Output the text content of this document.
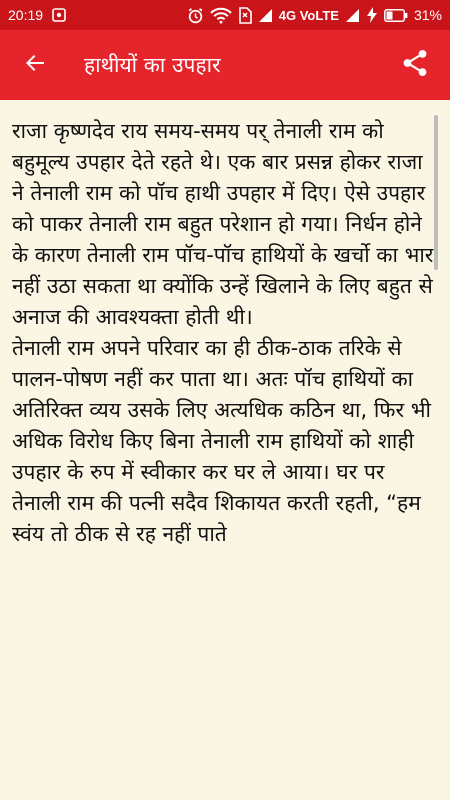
20:19	4G VoLTE	31%
हाथीयों का उपहार

राजा कृष्णदेव राय समय-समय पर् तेनाली राम को बहुमूल्य उपहार देते रहते थे। एक बार प्रसन्न होकर राजा ने तेनाली राम को पॉच हाथी उपहार में दिए। ऐसे उपहार को पाकर तेनाली राम बहुत परेशान हो गया। निर्धन होने के कारण तेनाली राम पॉच-पॉच हाथियों के खर्चो का भार नहीं उठा सकता था क्योंकि उन्हें खिलाने के लिए बहुत से अनाज की आवश्यक्ता होती थी।

तेनाली राम अपने परिवार का ही ठीक-ठाक तरिके से पालन-पोषण नहीं कर पाता था। अतः पॉच हाथियों का अतिरिक्त व्यय उसके लिए अत्यधिक कठिन था, फिर भी अधिक विरोध किए बिना तेनाली राम हाथियों को शाही उपहार के रुप में स्वीकार कर घर ले आया। घर पर तेनाली राम की पत्नी सदैव शिकायत करती रहती, “हम स्वंय तो ठीक से रह नहीं पाते
